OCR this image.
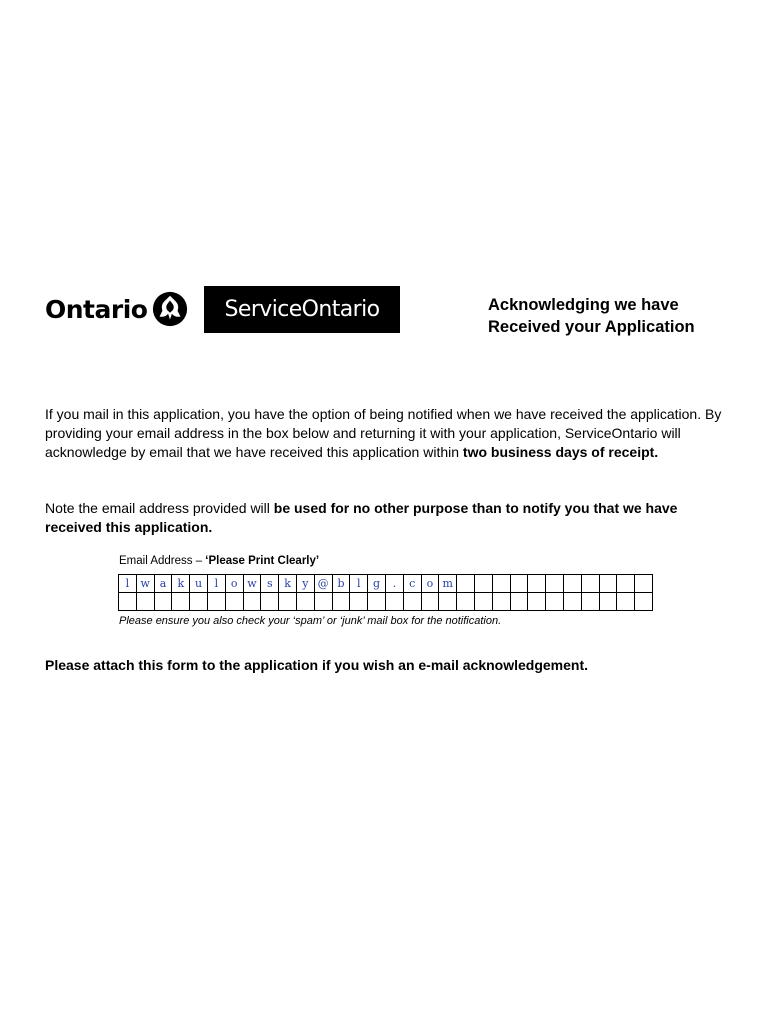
Ontario	ServiceOntario	Acknowledging we have
Received your Application

If you mail in this application, you have the option of being notified when we have received the application. By providing your email address in the box below and returning it with your application, ServiceOntario will acknowledge by email that we have received this application within two business days of receipt.

Note the email address provided will be used for no other purpose than to notify you that we have received this application.

Email Address – ‘Please Print Clearly’
l	w	a	k	u	l	o	w	s	k	y	@	b	l	g	.	c	o	m											

Please ensure you also check your ‘spam’ or ‘junk’ mail box for the notification.
Please attach this form to the application if you wish an e-mail acknowledgement.
